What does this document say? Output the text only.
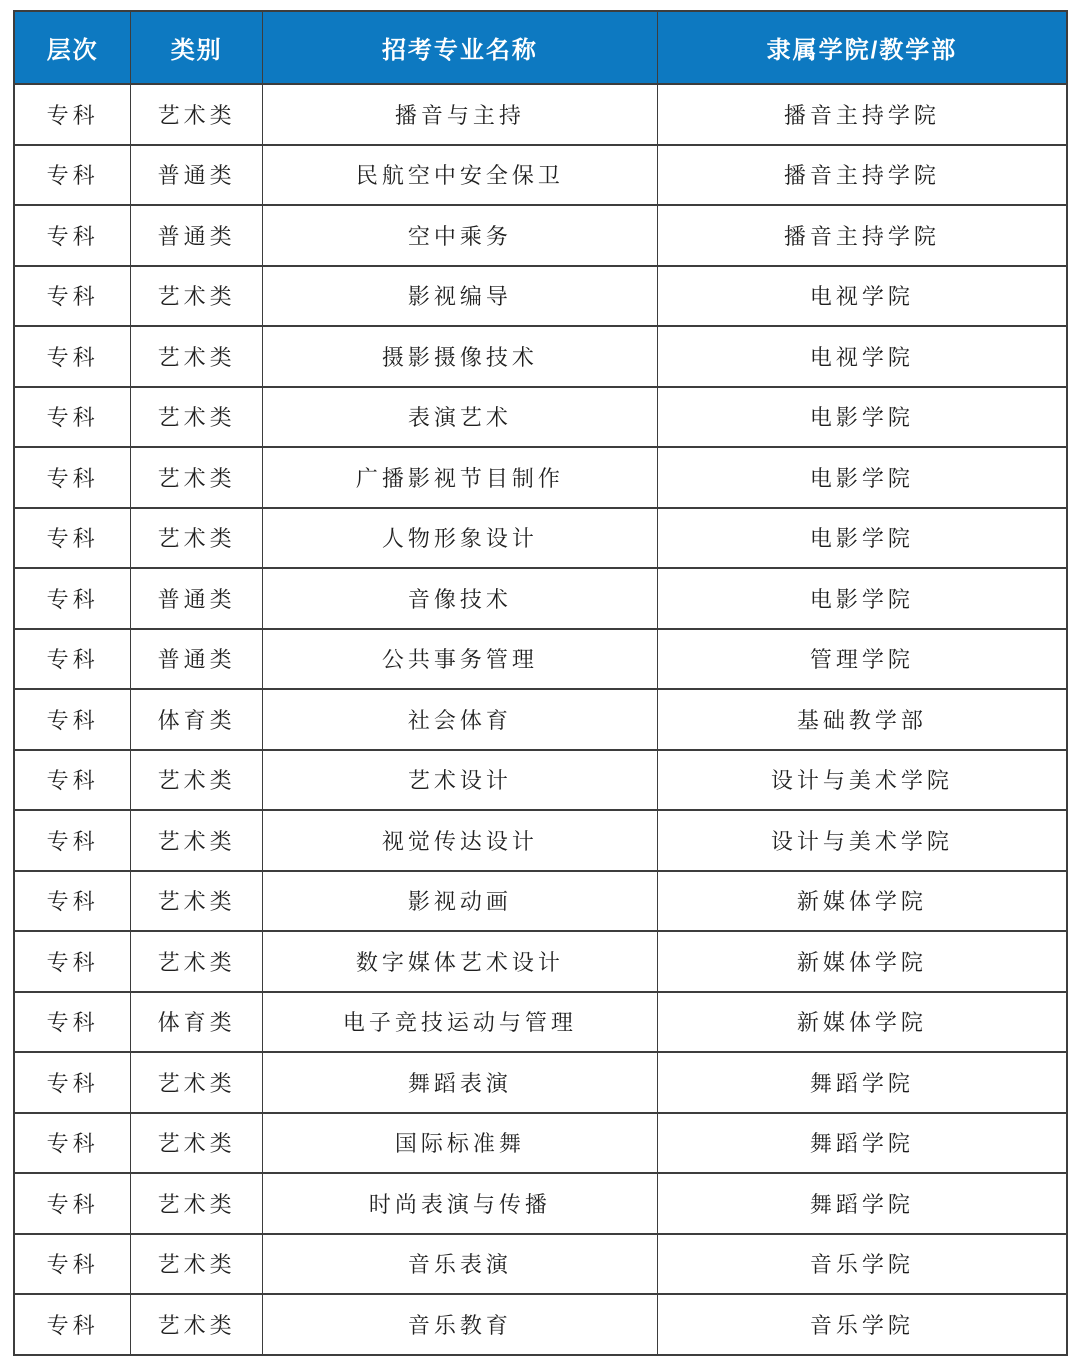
层次	类别	招考专业名称	隶属学院/教学部
专科	艺术类	播音与主持	播音主持学院
专科	普通类	民航空中安全保卫	播音主持学院
专科	普通类	空中乘务	播音主持学院
专科	艺术类	影视编导	电视学院
专科	艺术类	摄影摄像技术	电视学院
专科	艺术类	表演艺术	电影学院
专科	艺术类	广播影视节目制作	电影学院
专科	艺术类	人物形象设计	电影学院
专科	普通类	音像技术	电影学院
专科	普通类	公共事务管理	管理学院
专科	体育类	社会体育	基础教学部
专科	艺术类	艺术设计	设计与美术学院
专科	艺术类	视觉传达设计	设计与美术学院
专科	艺术类	影视动画	新媒体学院
专科	艺术类	数字媒体艺术设计	新媒体学院
专科	体育类	电子竞技运动与管理	新媒体学院
专科	艺术类	舞蹈表演	舞蹈学院
专科	艺术类	国际标准舞	舞蹈学院
专科	艺术类	时尚表演与传播	舞蹈学院
专科	艺术类	音乐表演	音乐学院
专科	艺术类	音乐教育	音乐学院
